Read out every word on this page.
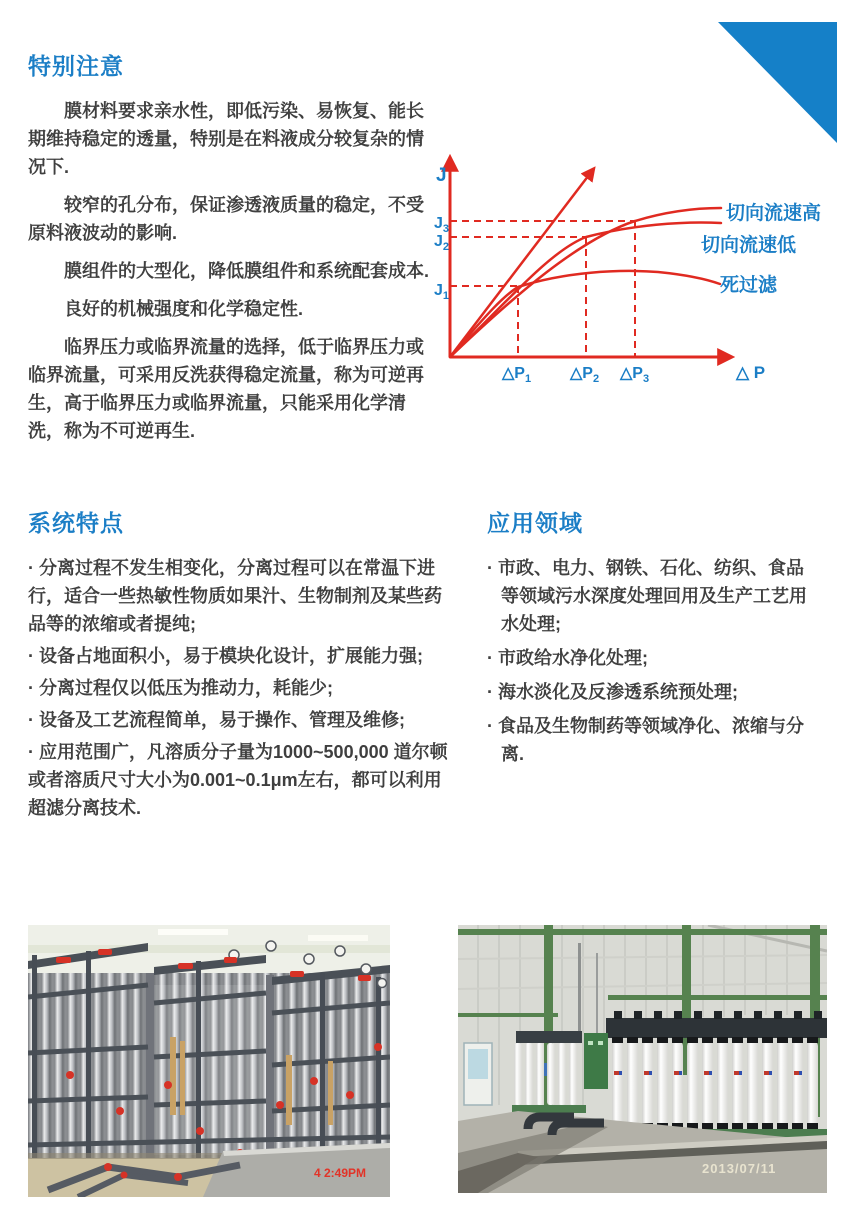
特别注意

膜材料要求亲水性，即低污染、易恢复、能长期维持稳定的透量，特别是在料液成分较复杂的情况下.

较窄的孔分布，保证渗透液质量的稳定，不受原料液波动的影响.

膜组件的大型化，降低膜组件和系统配套成本.

良好的机械强度和化学稳定性.

临界压力或临界流量的选择，低于临界压力或临界流量，可采用反洗获得稳定流量，称为可逆再生，高于临界压力或临界流量，只能采用化学清洗，称为不可逆再生.

J
$J_3$
$J_2$
$J_1$
$\triangle P_1$ $\triangle P_2$ $\triangle P_3$	△ P
切向流速高
切向流速低
死过滤
系统特点

· 分离过程不发生相变化，分离过程可以在常温下进行，适合一些热敏性物质如果汁、生物制剂及某些药品等的浓缩或者提纯;

· 设备占地面积小，易于模块化设计，扩展能力强;

· 分离过程仅以低压为推动力，耗能少;

· 设备及工艺流程简单，易于操作、管理及维修;

· 应用范围广，凡溶质分子量为1000~500,000 道尔顿或者溶质尺寸大小为0.001~0.1μm左右，都可以利用超滤分离技术.

应用领域

· 市政、电力、钢铁、石化、纺织、食品等领域污水深度处理回用及生产工艺用水处理;

· 市政给水净化处理;

· 海水淡化及反渗透系统预处理;

· 食品及生物制药等领域净化、浓缩与分离.

4 2:49PM	2013/07/11
